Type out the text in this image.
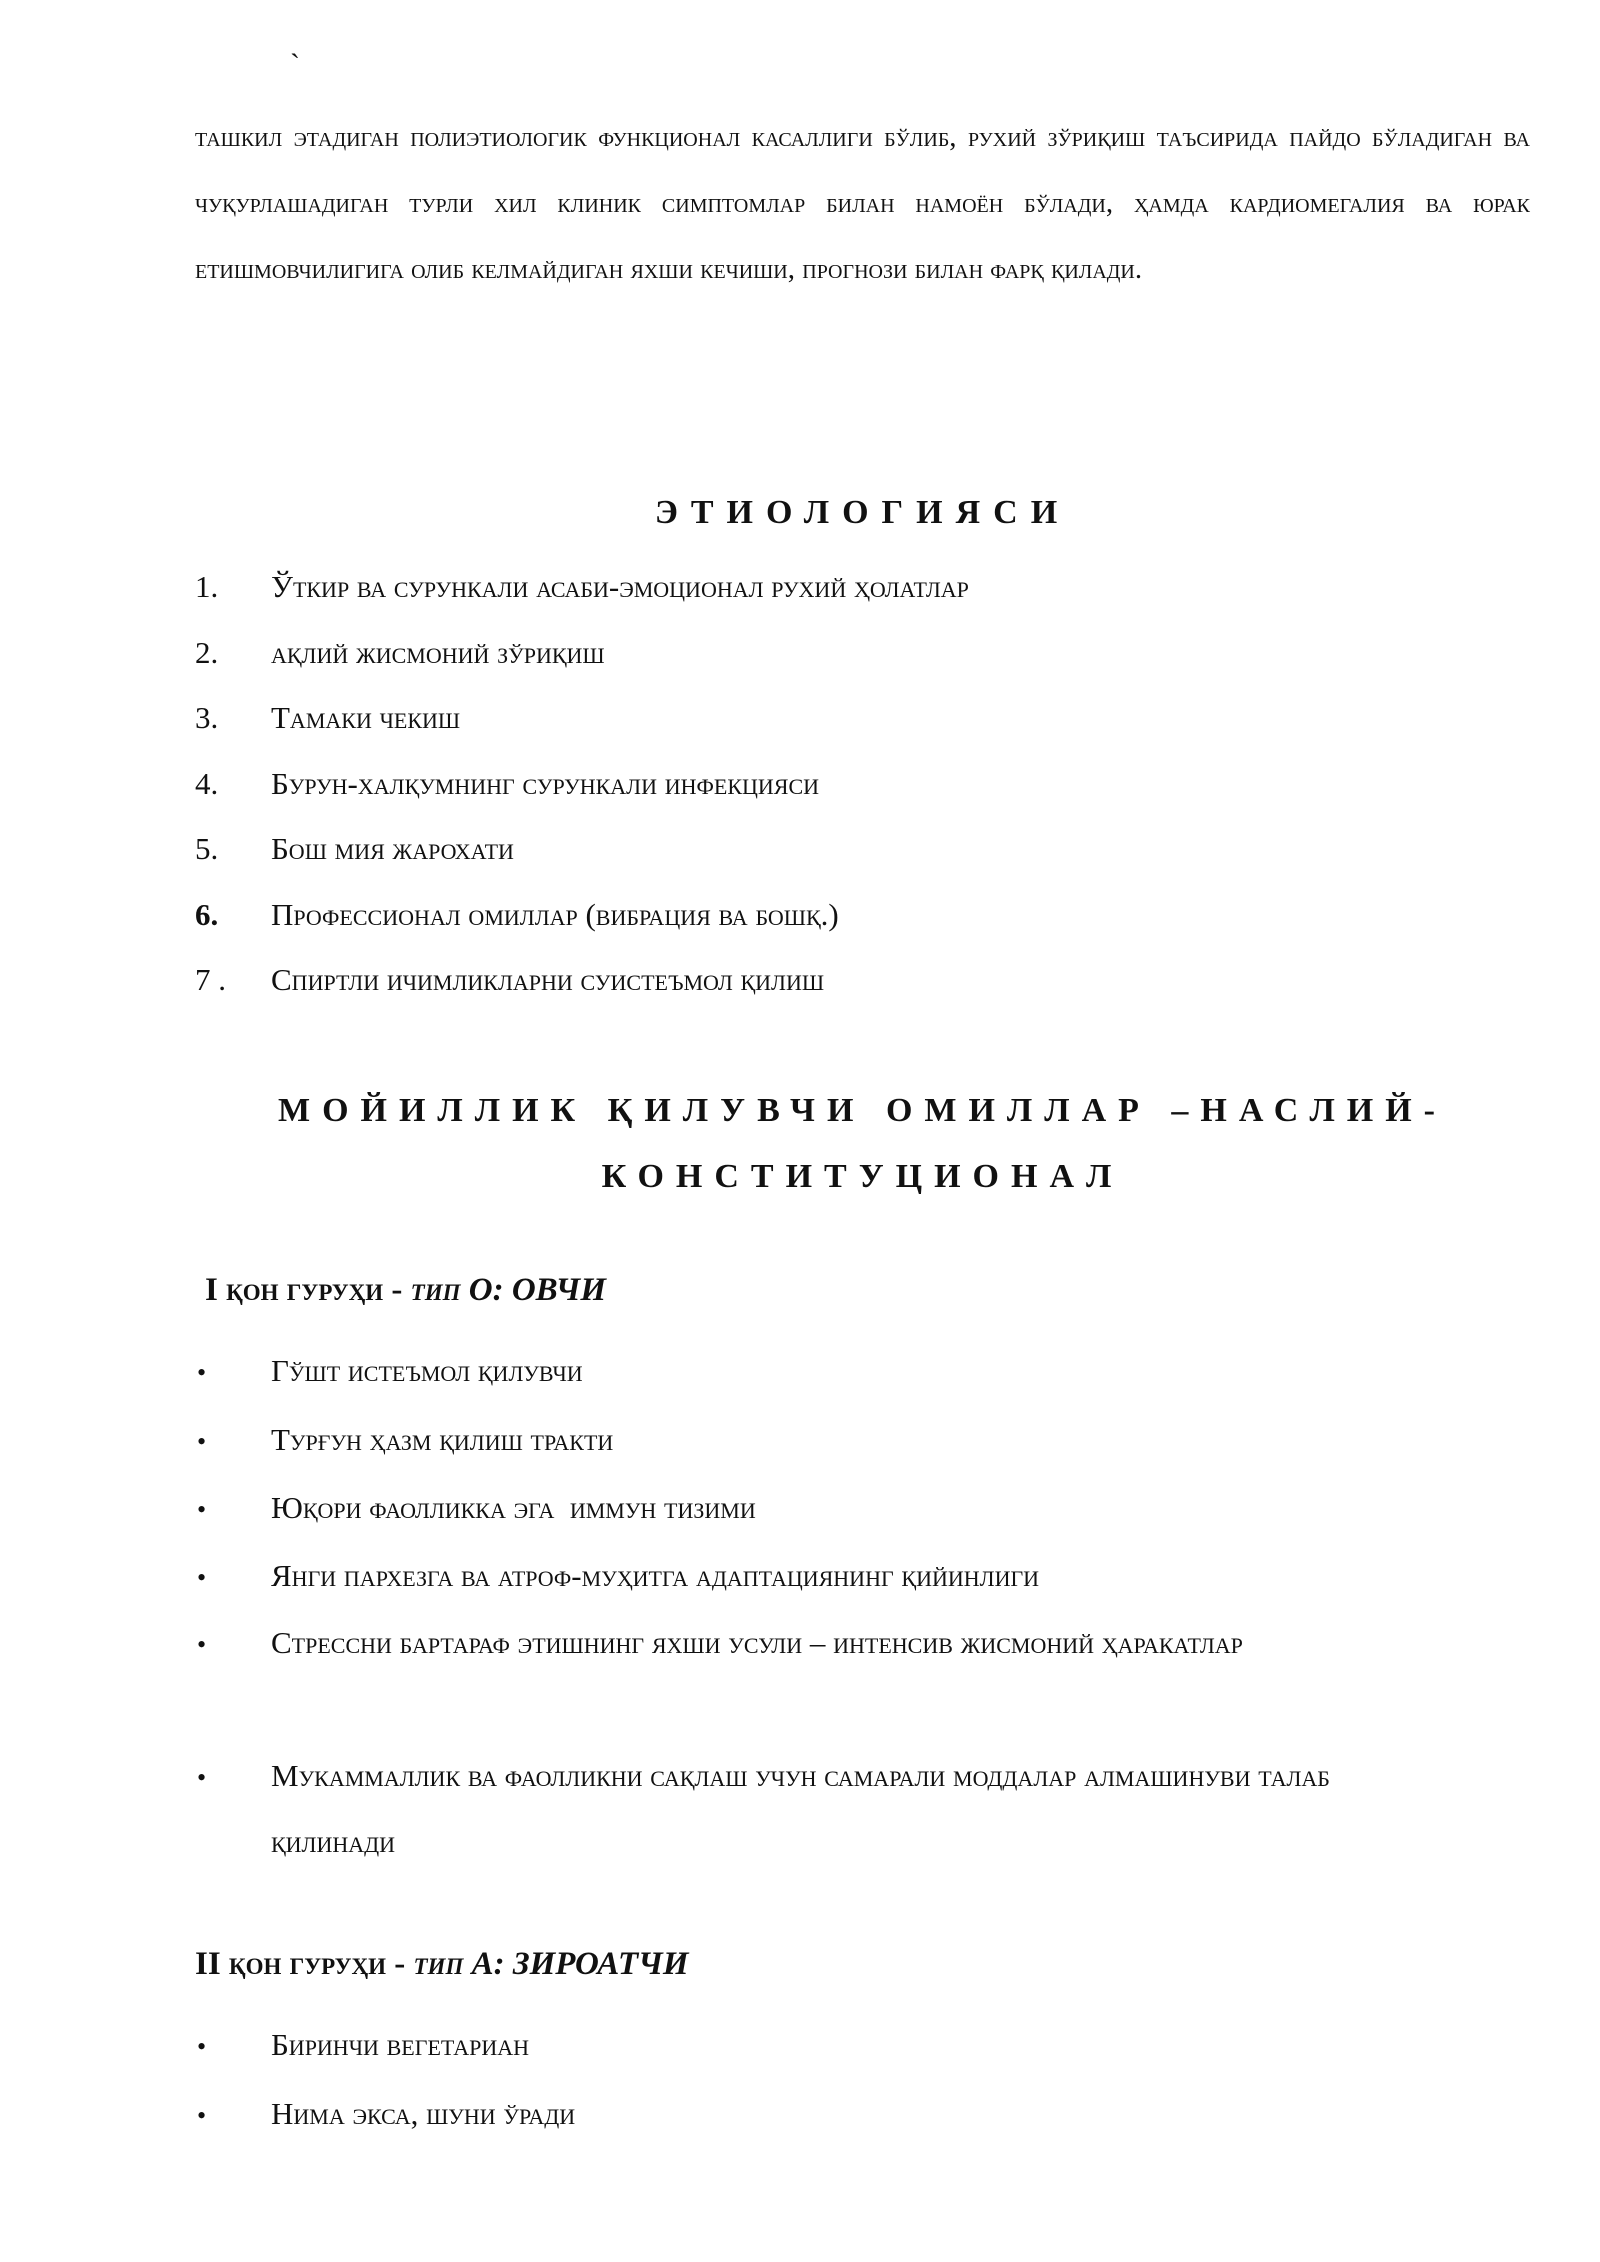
`
ташкил этадиган полиэтиологик функционал касаллиги бўлиб, рухий зўриқиш таъсирида пайдо бўладиган ва чуқурлашадиган турли хил клиник симптомлар билан намоён бўлади, ҳамда кардиомегалия ва юрак етишмовчилигига олиб келмайдиган яхши кечиши, прогнози билан фарқ қилади.
ЭТИОЛОГИЯСИ
1.	Ўткир ва сурункали асаби-эмоционал рухий ҳолатлар
2.	ақлий жисмоний зўриқиш
3.	Тамаки чекиш
4.	Бурун-халқумнинг сурункали инфекцияси
5.	Бош мия жарохати
6.	Профессионал омиллар (вибрация ва бошқ.)
7 .	Спиртли ичимликларни суистеъмол қилиш
МОЙИЛЛИК ҚИЛУВЧИ ОМИЛЛАР –НАСЛИЙ-
КОНСТИТУЦИОНАЛ
I қон гуруҳи - тип О: ОВЧИ
• Гўшт истеъмол қилувчи
• Турғун ҳазм қилиш тракти
• Юқори фаолликка эга  иммун тизими
• Янги пархезга ва атроф-муҳитга адаптациянинг қийинлиги
• Стрессни бартараф этишнинг яхши усули – интенсив жисмоний ҳаракатлар
• Мукаммаллик ва фаолликни сақлаш учун самарали моддалар алмашинуви талаб қилинади
II қон гуруҳи - тип А: ЗИРОАТЧИ
• Биринчи вегетариан
• Нима экса, шуни ўради
